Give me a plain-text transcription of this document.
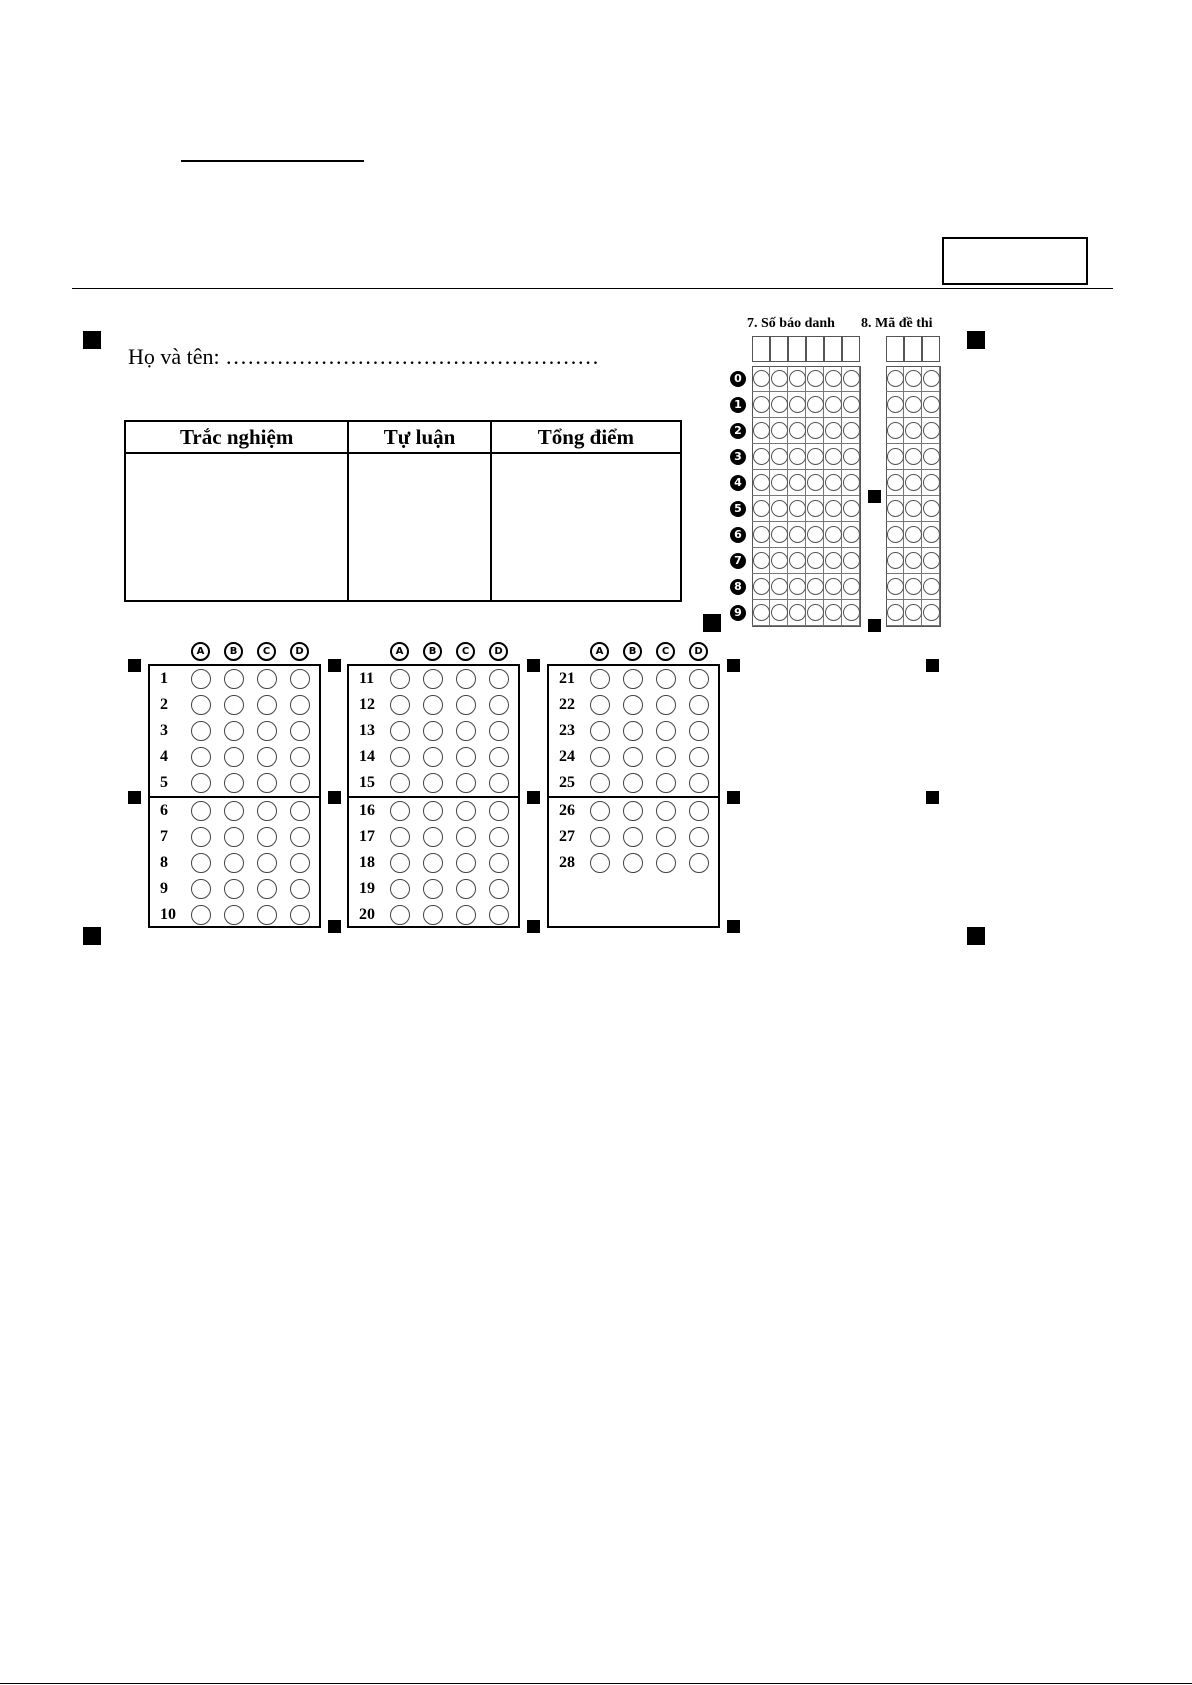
Họ và tên: ……………………………………………
Trắc nghiệm	Tự luận	Tổng điểm

7. Số báo danh 8. Mã đề thi
0
1
2
3
4
5
6
7
8
9
A	B	C	D
1
2
3
4
5
6
7
8
9
10
A	B	C	D
11
12
13
14
15
16
17
18
19
20
A	B	C	D
21
22
23
24
25
26
27
28
